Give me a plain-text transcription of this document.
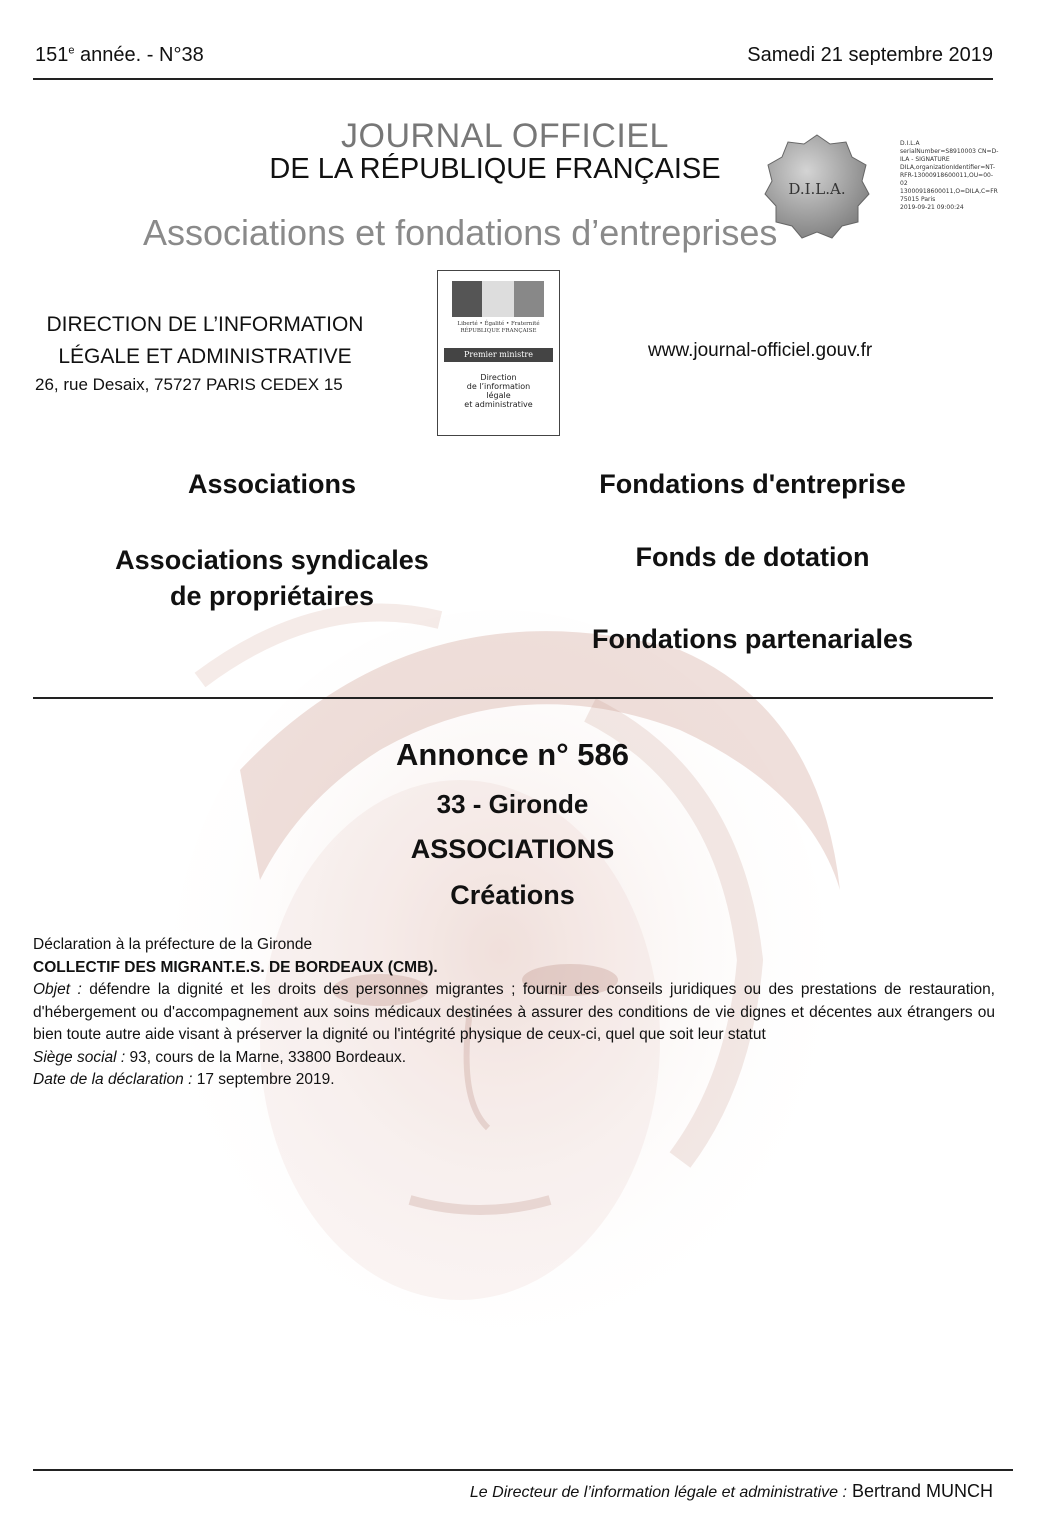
151e année. - N°38	Samedi 21 septembre 2019
JOURNAL OFFICIEL
DE LA RÉPUBLIQUE FRANÇAISE
Associations et fondations d’entreprises
D.I.L.A.
D.I.L.A
serialNumber=S8910003 CN=D-
ILA - SIGNATURE
DILA,organizationIdentifier=NT-
RFR-13000918600011,OU=00-
02
13000918600011,O=DILA,C=FR
75015 Paris
2019-09-21 09:00:24
DIRECTION DE L’INFORMATION
LÉGALE ET ADMINISTRATIVE
26, rue Desaix, 75727 PARIS CEDEX 15
Liberté • Égalité • Fraternité
RÉPUBLIQUE FRANÇAISE
Premier ministre
Direction
de l’information
légale
et administrative
www.journal-officiel.gouv.fr
Associations	Fondations d'entreprise
Associations syndicales
de propriétaires
Fonds de dotation
Fondations partenariales
Annonce n° 586
33 - Gironde
ASSOCIATIONS
Créations

Déclaration à la préfecture de la Gironde

COLLECTIF DES MIGRANT.E.S. DE BORDEAUX (CMB).

Objet : défendre la dignité et les droits des personnes migrantes ; fournir des conseils juridiques ou des prestations de restauration, d'hébergement ou d'accompagnement aux soins médicaux destinées à assurer des conditions de vie dignes et décentes aux étrangers ou bien toute autre aide visant à préserver la dignité ou l'intégrité physique de ceux-ci, quel que soit leur statut

Siège social : 93, cours de la Marne, 33800 Bordeaux.

Date de la déclaration : 17 septembre 2019.

Le Directeur de l’information légale et administrative : Bertrand MUNCH
